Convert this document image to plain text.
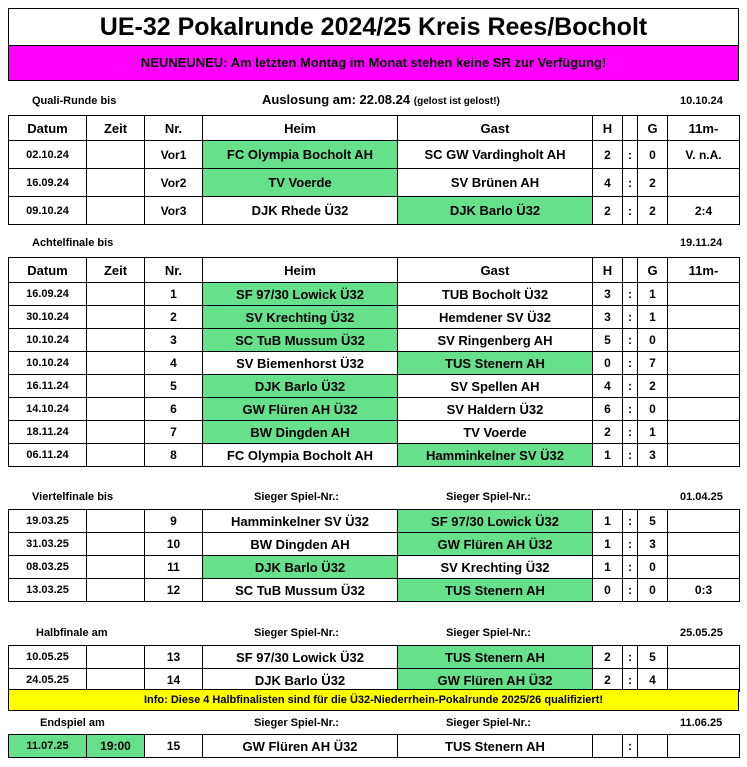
UE-32 Pokalrunde 2024/25 Kreis Rees/Bocholt
NEUNEUNEU: Am letzten Montag im Monat stehen keine SR zur Verfügung!
Quali-Runde bis	Auslosung am: 22.08.24 (gelost ist gelost!)	10.10.24
Datum	Zeit	Nr.	Heim	Gast	H		G	11m-
02.10.24		Vor1	FC Olympia Bocholt AH	SC GW Vardingholt AH	2	:	0	V. n.A.
16.09.24		Vor2	TV Voerde	SV Brünen AH	4	:	2	
09.10.24		Vor3	DJK Rhede Ü32	DJK Barlo Ü32	2	:	2	2:4
Achtelfinale bis	19.11.24
Datum	Zeit	Nr.	Heim	Gast	H		G	11m-
16.09.24		1	SF 97/30 Lowick Ü32	TUB Bocholt Ü32	3	:	1	
30.10.24		2	SV Krechting Ü32	Hemdener SV Ü32	3	:	1	
10.10.24		3	SC TuB Mussum Ü32	SV Ringenberg AH	5	:	0	
10.10.24		4	SV Biemenhorst Ü32	TUS Stenern AH	0	:	7	
16.11.24		5	DJK Barlo Ü32	SV Spellen AH	4	:	2	
14.10.24		6	GW Flüren AH Ü32	SV Haldern Ü32	6	:	0	
18.11.24		7	BW Dingden AH	TV Voerde	2	:	1	
06.11.24		8	FC Olympia Bocholt AH	Hamminkelner SV Ü32	1	:	3	
Viertelfinale bis	Sieger Spiel-Nr.:	Sieger Spiel-Nr.:	01.04.25
19.03.25		9	Hamminkelner SV Ü32	SF 97/30 Lowick Ü32	1	:	5	
31.03.25		10	BW Dingden AH	GW Flüren AH Ü32	1	:	3	
08.03.25		11	DJK Barlo Ü32	SV Krechting Ü32	1	:	0	
13.03.25		12	SC TuB Mussum Ü32	TUS Stenern AH	0	:	0	0:3
Halbfinale am	Sieger Spiel-Nr.:	Sieger Spiel-Nr.:	25.05.25
10.05.25		13	SF 97/30 Lowick Ü32	TUS Stenern AH	2	:	5	
24.05.25		14	DJK Barlo Ü32	GW Flüren AH Ü32	2	:	4	
Info: Diese 4 Halbfinalisten sind für die Ü32-Niederrhein-Pokalrunde 2025/26 qualifiziert!
Endspiel am	Sieger Spiel-Nr.:	Sieger Spiel-Nr.:	11.06.25
11.07.25	19:00	15	GW Flüren AH Ü32	TUS Stenern AH		:		
